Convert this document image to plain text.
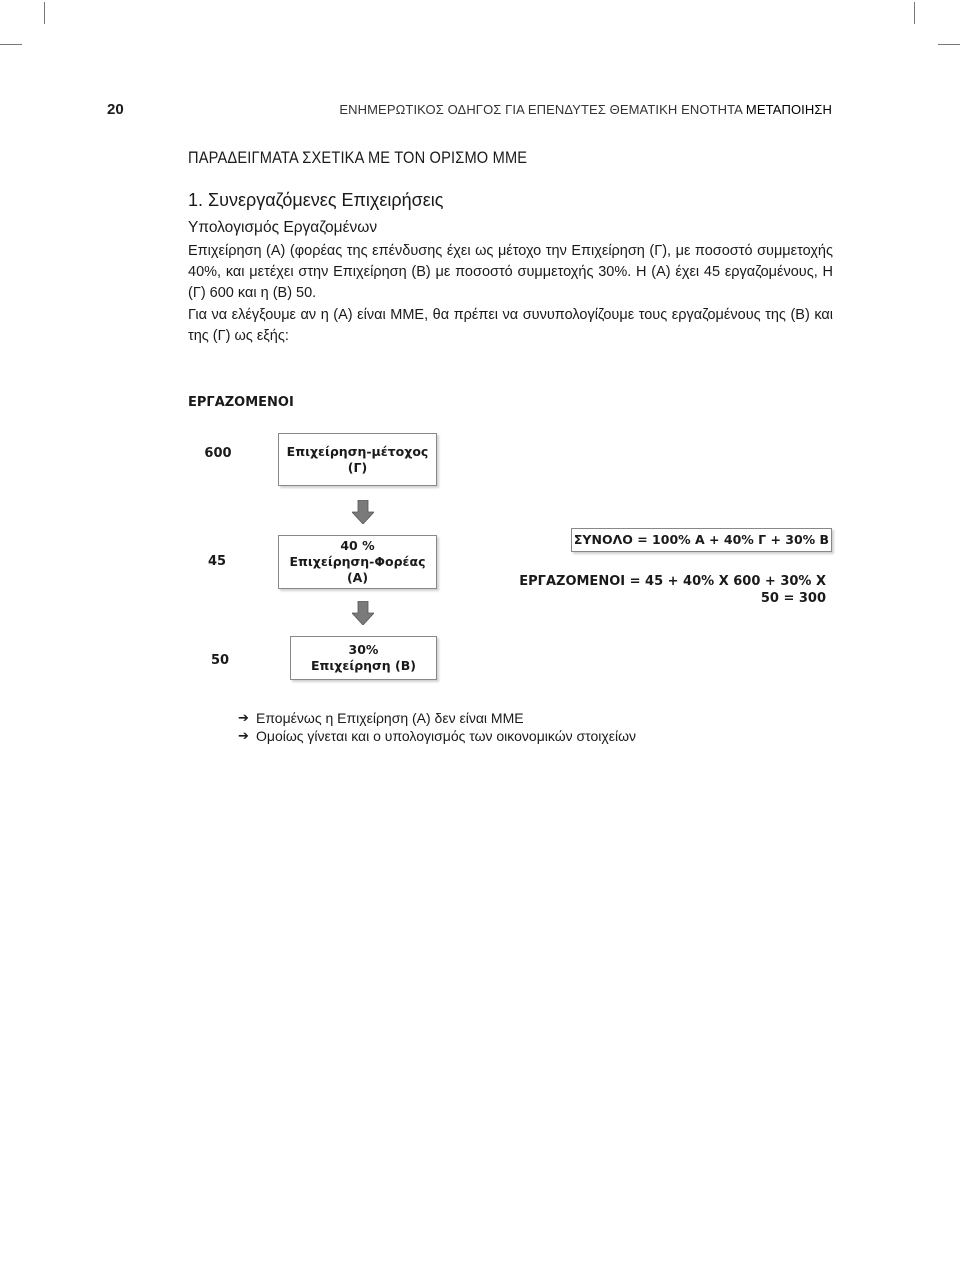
20	ΕΝΗΜΕΡΩΤΙΚΟΣ ΟΔΗΓΟΣ ΓΙΑ ΕΠΕΝΔΥΤΕΣ ΘΕΜΑΤΙΚΗ ΕΝΟΤΗΤΑ ΜΕΤΑΠΟΙΗΣΗ
ΠΑΡΑΔΕΙΓΜΑΤΑ ΣΧΕΤΙΚΑ ΜΕ ΤΟΝ ΟΡΙΣΜΟ ΜΜΕ
1. Συνεργαζόμενες Επιχειρήσεις
Υπολογισμός Εργαζομένων
Επιχείρηση (Α) (φορέας της επένδυσης έχει ως μέτοχο την Επιχείρηση (Γ), με ποσοστό συμμετοχής 40%, και μετέχει στην Επιχείρηση (Β) με ποσοστό συμμετοχής 30%. Η (Α) έχει 45 εργαζομένους, Η (Γ) 600 και η (Β) 50.
Για να ελέγξουμε αν η (Α) είναι ΜΜΕ, θα πρέπει να συνυπολογίζουμε τους εργαζομένους της (Β) και της (Γ) ως εξής:
ΕΡΓΑΖΟΜΕΝΟΙ
600	Επιχείρηση-μέτοχος
(Γ)
45
40 %
Επιχείρηση-Φορέας (Α)
50
30%
Επιχείρηση (Β)
ΣΥΝΟΛΟ = 100% Α + 40% Γ + 30% Β
ΕΡΓΑΖΟΜΕΝΟΙ = 45 + 40% Χ 600 + 30% Χ
50 = 300
➔ Επομένως η Επιχείρηση (Α) δεν είναι ΜΜΕ
➔ Ομοίως γίνεται και ο υπολογισμός των οικονομικών στοιχείων
